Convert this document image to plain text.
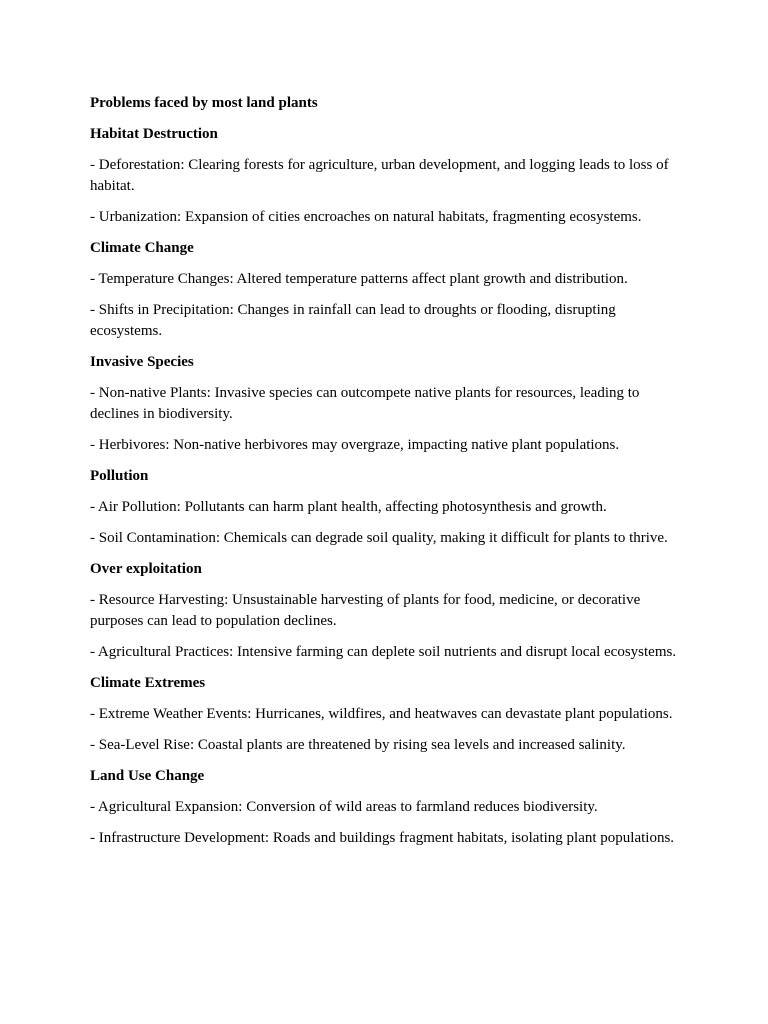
Problems faced by most land plants

Habitat Destruction

- Deforestation: Clearing forests for agriculture, urban development, and logging leads to loss of habitat.

- Urbanization: Expansion of cities encroaches on natural habitats, fragmenting ecosystems.

Climate Change

- Temperature Changes: Altered temperature patterns affect plant growth and distribution.

- Shifts in Precipitation: Changes in rainfall can lead to droughts or flooding, disrupting ecosystems.

Invasive Species

- Non-native Plants: Invasive species can outcompete native plants for resources, leading to declines in biodiversity.

- Herbivores: Non-native herbivores may overgraze, impacting native plant populations.

Pollution

- Air Pollution: Pollutants can harm plant health, affecting photosynthesis and growth.

- Soil Contamination: Chemicals can degrade soil quality, making it difficult for plants to thrive.

Over exploitation

- Resource Harvesting: Unsustainable harvesting of plants for food, medicine, or decorative purposes can lead to population declines.

- Agricultural Practices: Intensive farming can deplete soil nutrients and disrupt local ecosystems.

Climate Extremes

- Extreme Weather Events: Hurricanes, wildfires, and heatwaves can devastate plant populations.

- Sea-Level Rise: Coastal plants are threatened by rising sea levels and increased salinity.

Land Use Change

- Agricultural Expansion: Conversion of wild areas to farmland reduces biodiversity.

- Infrastructure Development: Roads and buildings fragment habitats, isolating plant populations.
